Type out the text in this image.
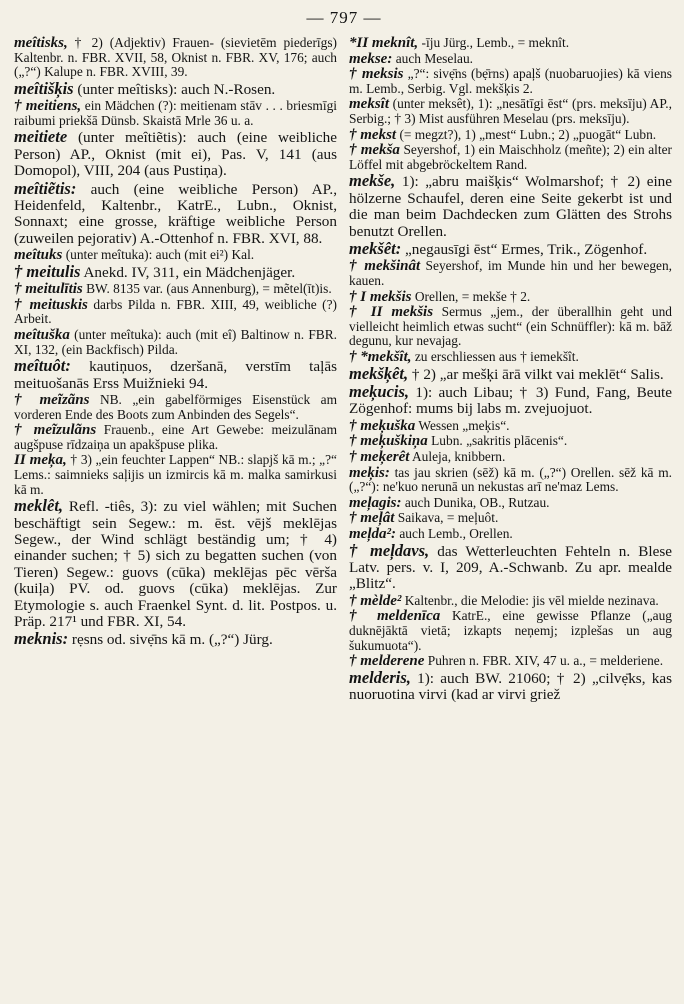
— 797 —

meîtisks, † 2) (Adjektiv) Frauen- (sievietēm piederīgs) Kaltenbr. n. FBR. XVII, 58, Oknist n. FBR. XV, 176; auch („?“) Kalupe n. FBR. XVIII, 39.

meîtišķis (unter meîtisks): auch N.-Rosen.

† meitiens, ein Mädchen (?): meitienam stāv . . . briesmīgi raibumi priekšā Dünsb. Skaistā Mrle 36 u. a.

meitiete (unter meîtiẽtis): auch (eine weibliche Person) AP., Oknist (mit ei), Pas. V, 141 (aus Domopol), VIII, 204 (aus Pustiņa).

meîtiẽtis: auch (eine weibliche Person) AP., Heidenfeld, Kaltenbr., KatrE., Lubn., Oknist, Sonnaxt; eine grosse, kräftige weibliche Person (zuweilen pejorativ) A.-Ottenhof n. FBR. XVI, 88.

meîtuks (unter meîtuka): auch (mit ei²) Kal.

† meitulis Anekd. IV, 311, ein Mädchenjäger.

† meitulītis BW. 8135 var. (aus Annenburg), = mẽtel(īt)is.

† meituskis darbs Pilda n. FBR. XIII, 49, weibliche (?) Arbeit.

meîtuška (unter meîtuka): auch (mit eî) Baltinow n. FBR. XI, 132, (ein Backfisch) Pilda.

meîtuôt: kautiņuos, dzeršanā, verstīm taļās meituošanās Erss Muižnieki 94.

† meĩzãns NB. „ein gabelförmiges Eisenstück am vorderen Ende des Boots zum Anbinden des Segels“.

† meĩzulãns Frauenb., eine Art Gewebe: meizulānam augšpuse rīdzaiņa un apakšpuse plika.

II meķa, † 3) „ein feuchter Lappen“ NB.: slapjš kā m.; „?“ Lems.: saimnieks saļijis un izmircis kā m. malka samirkusi kā m.

meklêt, Refl. -tiês, 3): zu viel wählen; mit Suchen beschäftigt sein Segew.: m. ēst. vējš meklējas Segew., der Wind schlägt beständig um; † 4) einander suchen; † 5) sich zu begatten suchen (von Tieren) Segew.: guovs (cūka) meklējas pēc vērša (kuiļa) PV. od. guovs (cūka) meklējas. Zur Etymologie s. auch Fraenkel Synt. d. lit. Postpos. u. Präp. 217¹ und FBR. XI, 54.

meknis: rẹsns od. sivẹ̄ns kā m. („?“) Jürg.

*II meknît, -īju Jürg., Lemb., = meknît.

mekse: auch Meselau.

† meksis „?“: sivẹ̄ns (bẹ̄rns) apaļš (nuobaruojies) kā viens m. Lemb., Serbig. Vgl. mekšķis 2.

meksît (unter meksêt), 1): „nesātīgi ēst“ (prs. meksīju) AP., Serbig.; † 3) Mist ausführen Meselau (prs. meksīju).

† mekst (= megzt?), 1) „mest“ Lubn.; 2) „puogāt“ Lubn.

† mekša Seyershof, 1) ein Maischholz (meñte); 2) ein alter Löffel mit abgebröckeltem Rand.

mekše, 1): „abru maišķis“ Wolmarshof; † 2) eine hölzerne Schaufel, deren eine Seite gekerbt ist und die man beim Dachdecken zum Glätten des Strohs benutzt Orellen.

mekšêt: „negausīgi ēst“ Ermes, Trik., Zögenhof.

† mekšinât Seyershof, im Munde hin und her bewegen, kauen.

† I mekšis Orellen, = mekše † 2.

† II mekšis Sermus „jem., der überallhin geht und vielleicht heimlich etwas sucht“ (ein Schnüffler): kā m. bāž degunu, kur nevajag.

† *mekšît, zu erschliessen aus † iemekšît.

mekšķêt, † 2) „ar mešķi ārā vilkt vai meklēt“ Salis.

meķucis, 1): auch Libau; † 3) Fund, Fang, Beute Zögenhof: mums bij labs m. zvejuojuot.

† meķuška Wessen „meķis“.

† meķuškiņa Lubn. „sakritis plācenis“.

† meķerêt Auleja, knibbern.

meķis: tas jau skrien (sēž) kā m. („?“) Orellen. sēž kā m. („?“): ne'kuo nerunā un nekustas arī ne'maz Lems.

meļagis: auch Dunika, OB., Rutzau.

† meļât Saikava, = meļuôt.

meļda²: auch Lemb., Orellen.

† meļdavs, das Wetterleuchten Fehteln n. Blese Latv. pers. v. I, 209, A.-Schwanb. Zu apr. mealde „Blitz“.

† mèlde² Kaltenbr., die Melodie: jis vēl mielde nezinava.

† meldenīca KatrE., eine gewisse Pflanze („aug duknējāktā vietā; izkapts neņemj; izplešas un aug šukumuota“).

† melderene Puhren n. FBR. XIV, 47 u. a., = melderiene.

melderis, 1): auch BW. 21060; † 2) „cilvẹ̄ks, kas nuoruotina virvi (kad ar virvi griež
